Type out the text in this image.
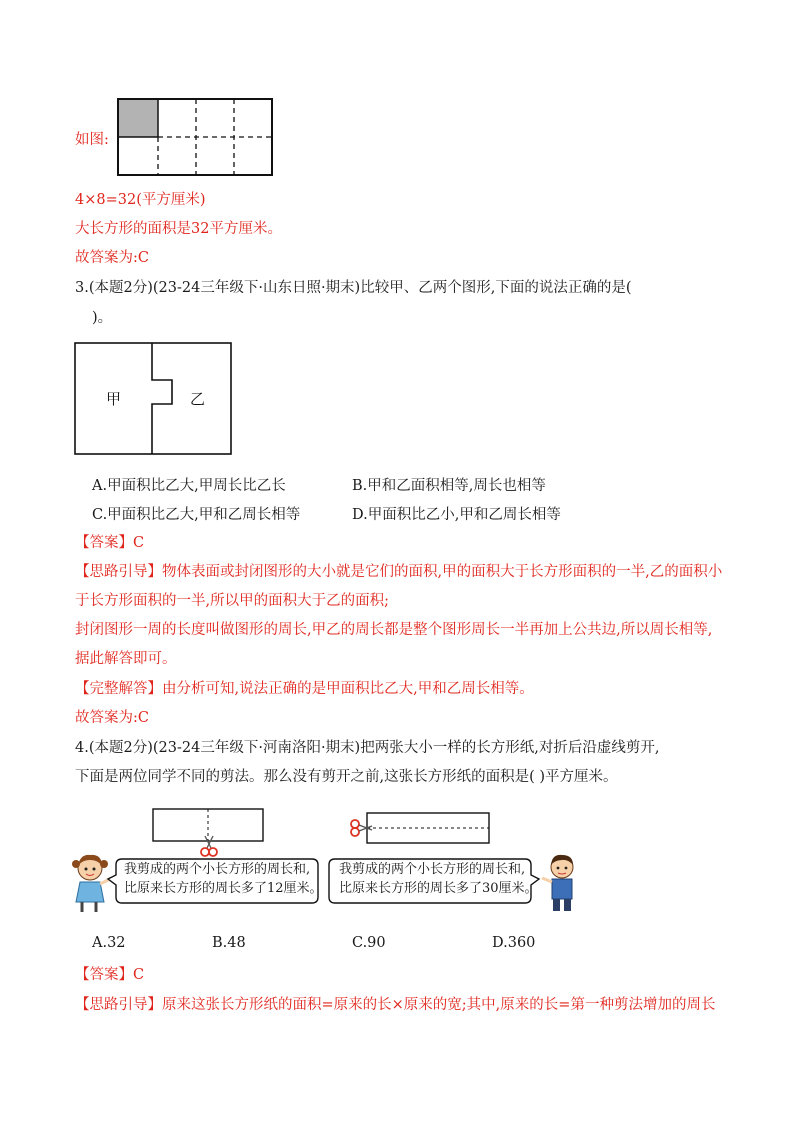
如图:
4×8=32(平方厘米)
大长方形的面积是32平方厘米。
故答案为:C
3.(本题2分)(23-24三年级下·山东日照·期末)比较甲、乙两个图形,下面的说法正确的是(
)。
甲	乙
A.甲面积比乙大,甲周长比乙长	B.甲和乙面积相等,周长也相等
C.甲面积比乙大,甲和乙周长相等	D.甲面积比乙小,甲和乙周长相等
【答案】C
【思路引导】物体表面或封闭图形的大小就是它们的面积,甲的面积大于长方形面积的一半,乙的面积小
于长方形面积的一半,所以甲的面积大于乙的面积;
封闭图形一周的长度叫做图形的周长,甲乙的周长都是整个图形周长一半再加上公共边,所以周长相等,
据此解答即可。
【完整解答】由分析可知,说法正确的是甲面积比乙大,甲和乙周长相等。
故答案为:C
4.(本题2分)(23-24三年级下·河南洛阳·期末)把两张大小一样的长方形纸,对折后沿虚线剪开,
下面是两位同学不同的剪法。那么没有剪开之前,这张长方形纸的面积是( )平方厘米。
我剪成的两个小长方形的周长和,
比原来长方形的周长多了12厘米。
我剪成的两个小长方形的周长和,
比原来长方形的周长多了30厘米。
A.32	B.48	C.90	D.360
【答案】C
【思路引导】原来这张长方形纸的面积=原来的长×原来的宽;其中,原来的长=第一种剪法增加的周长
